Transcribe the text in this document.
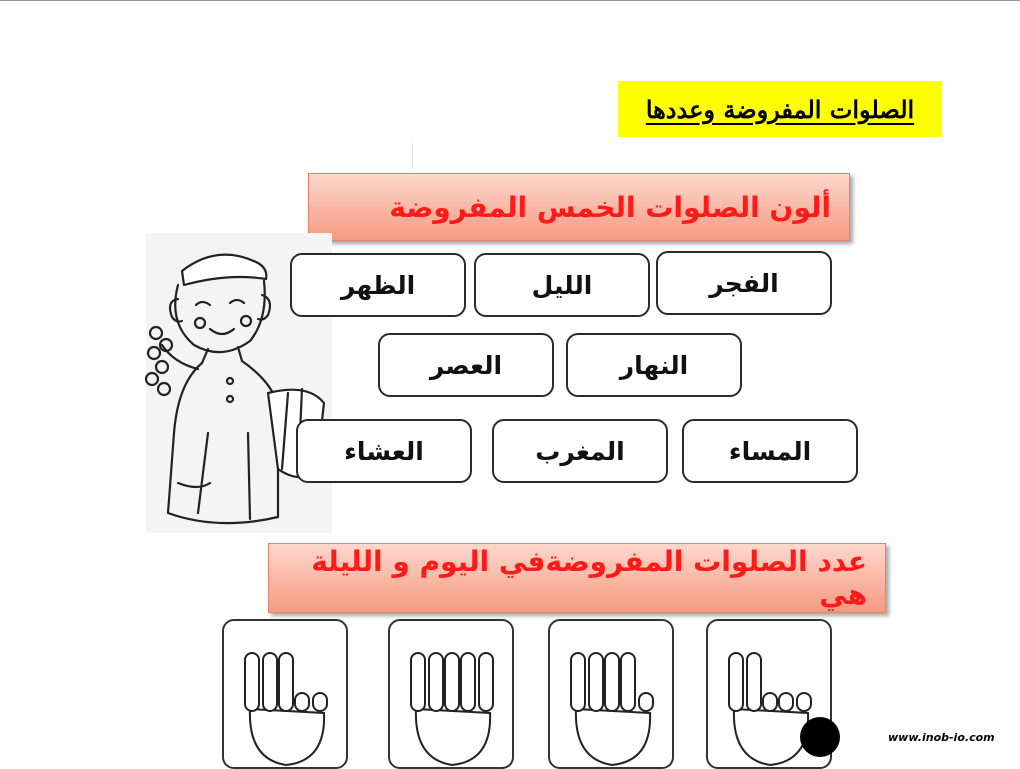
الصلوات المفروضة وعددها
ألون الصلوات الخمس المفروضة
الفجر
الليل
الظهر
النهار
العصر
المساء
المغرب
العشاء
عدد الصلوات المفروضةفي اليوم و الليلة هي
www.inob-io.com
